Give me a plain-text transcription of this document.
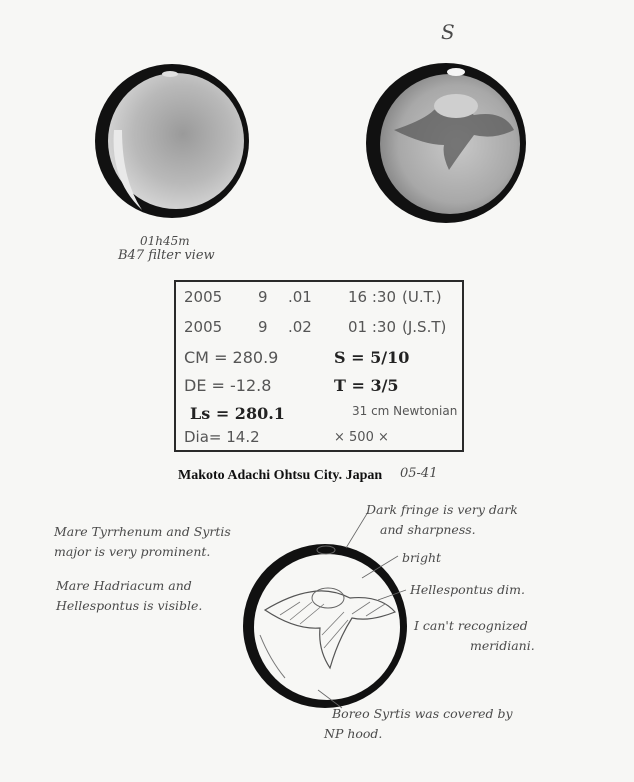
01h45m
B47 filter view
S
2005 9 .01 16 :30 (U.T.)
2005 9 .02 01 :30 (J.S.T)
CM = 280.9	S = 5/10
DE = -12.8	T = 3/5
Ls = 280.1	31 cm Newtonian
Dia= 14.2	× 500 ×
Makoto Adachi Ohtsu City. Japan 05-41
Mare Tyrrhenum and Syrtis
major is very prominent.
Mare Hadriacum and
Hellespontus is visible.
Dark fringe is very dark
and sharpness.
bright
Hellespontus dim.
I can't recognized
meridiani.
Boreo Syrtis was covered by
NP hood.
